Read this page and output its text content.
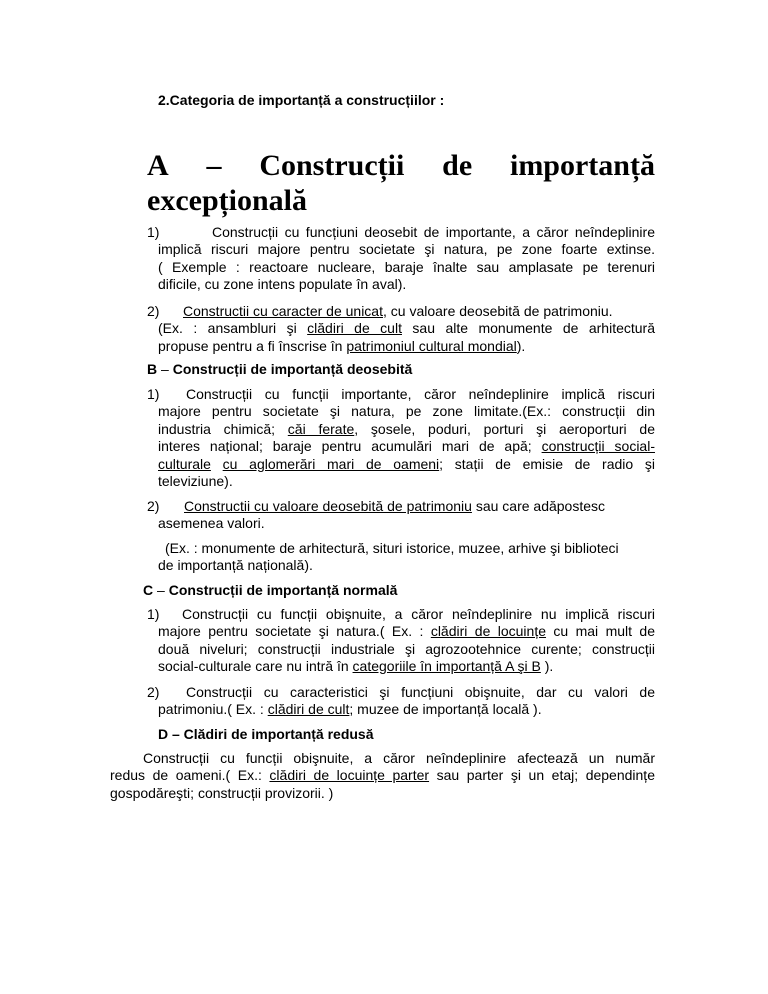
2.Categoria de importanță a construcțiilor :
A – Construcții de importanță
excepțională
1)	Construcții cu funcțiuni deosebit de importante, a căror neîndeplinire
implică riscuri majore pentru societate şi natura, pe zone foarte extinse.
( Exemple : reactoare nucleare, baraje înalte sau amplasate pe terenuri
dificile, cu zone intens populate în aval).
2) Constructii cu caracter de unicat, cu valoare deosebită de patrimoniu.
(Ex. : ansambluri şi clădiri de cult sau alte monumente de arhitectură
propuse pentru a fi înscrise în patrimoniul cultural mondial).
B – Construcții de importanță deosebită
1) Construcții cu funcții importante, căror neîndeplinire implică riscuri
majore pentru societate şi natura, pe zone limitate.(Ex.: construcții din
industria chimică; căi ferate, şosele, poduri, porturi şi aeroporturi de
interes național; baraje pentru acumulări mari de apă; construcții social-
culturale cu aglomerări mari de oameni; stații de emisie de radio şi
televiziune).
2) Constructii cu valoare deosebită de patrimoniu sau care adăpostesc
asemenea valori.
(Ex. : monumente de arhitectură, situri istorice, muzee, arhive şi biblioteci
de importanță națională).
C – Construcții de importanță normală
1) Construcții cu funcții obişnuite, a căror neîndeplinire nu implică riscuri
majore pentru societate şi natura.( Ex. : clădiri de locuințe cu mai mult de
două niveluri; construcții industriale şi agrozootehnice curente; construcții
social-culturale care nu intră în categoriile în importanță A şi B ).
2) Construcții cu caracteristici şi funcțiuni obişnuite, dar cu valori de
patrimoniu.( Ex. : clădiri de cult; muzee de importanță locală ).
D – Clădiri de importanță redusă
Construcții cu funcții obişnuite, a căror neîndeplinire afectează un număr
redus de oameni.( Ex.: clădiri de locuințe parter sau parter şi un etaj; dependințe
gospodăreşti; construcții provizorii. )
